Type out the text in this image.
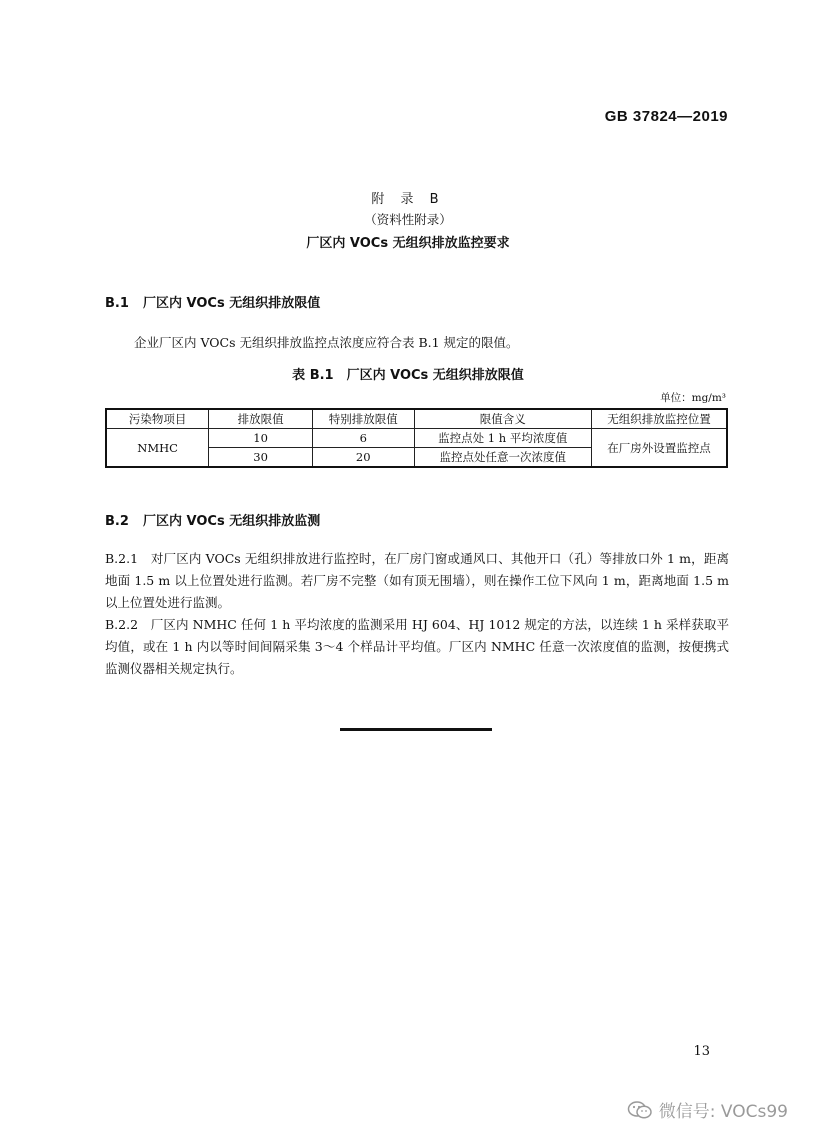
GB 37824—2019
附 录 B
（资料性附录）
厂区内 VOCs 无组织排放监控要求
B.1 厂区内 VOCs 无组织排放限值
企业厂区内 VOCs 无组织排放监控点浓度应符合表 B.1 规定的限值。
表 B.1　厂区内 VOCs 无组织排放限值
单位：mg/m³
污染物项目	排放限值	特别排放限值	限值含义	无组织排放监控位置
NMHC	10	6	监控点处 1 h 平均浓度值	在厂房外设置监控点
	30	20	监控点处任意一次浓度值	
B.2 厂区内 VOCs 无组织排放监测
B.2.1　对厂区内 VOCs 无组织排放进行监控时，在厂房门窗或通风口、其他开口（孔）等排放口外 1 m，距离地面 1.5 m 以上位置处进行监测。若厂房不完整（如有顶无围墙），则在操作工位下风向 1 m，距离地面 1.5 m 以上位置处进行监测。
B.2.2　厂区内 NMHC 任何 1 h 平均浓度的监测采用 HJ 604、HJ 1012 规定的方法，以连续 1 h 采样获取平均值，或在 1 h 内以等时间间隔采集 3～4 个样品计平均值。厂区内 NMHC 任意一次浓度值的监测，按便携式监测仪器相关规定执行。
13
微信号: VOCs99
